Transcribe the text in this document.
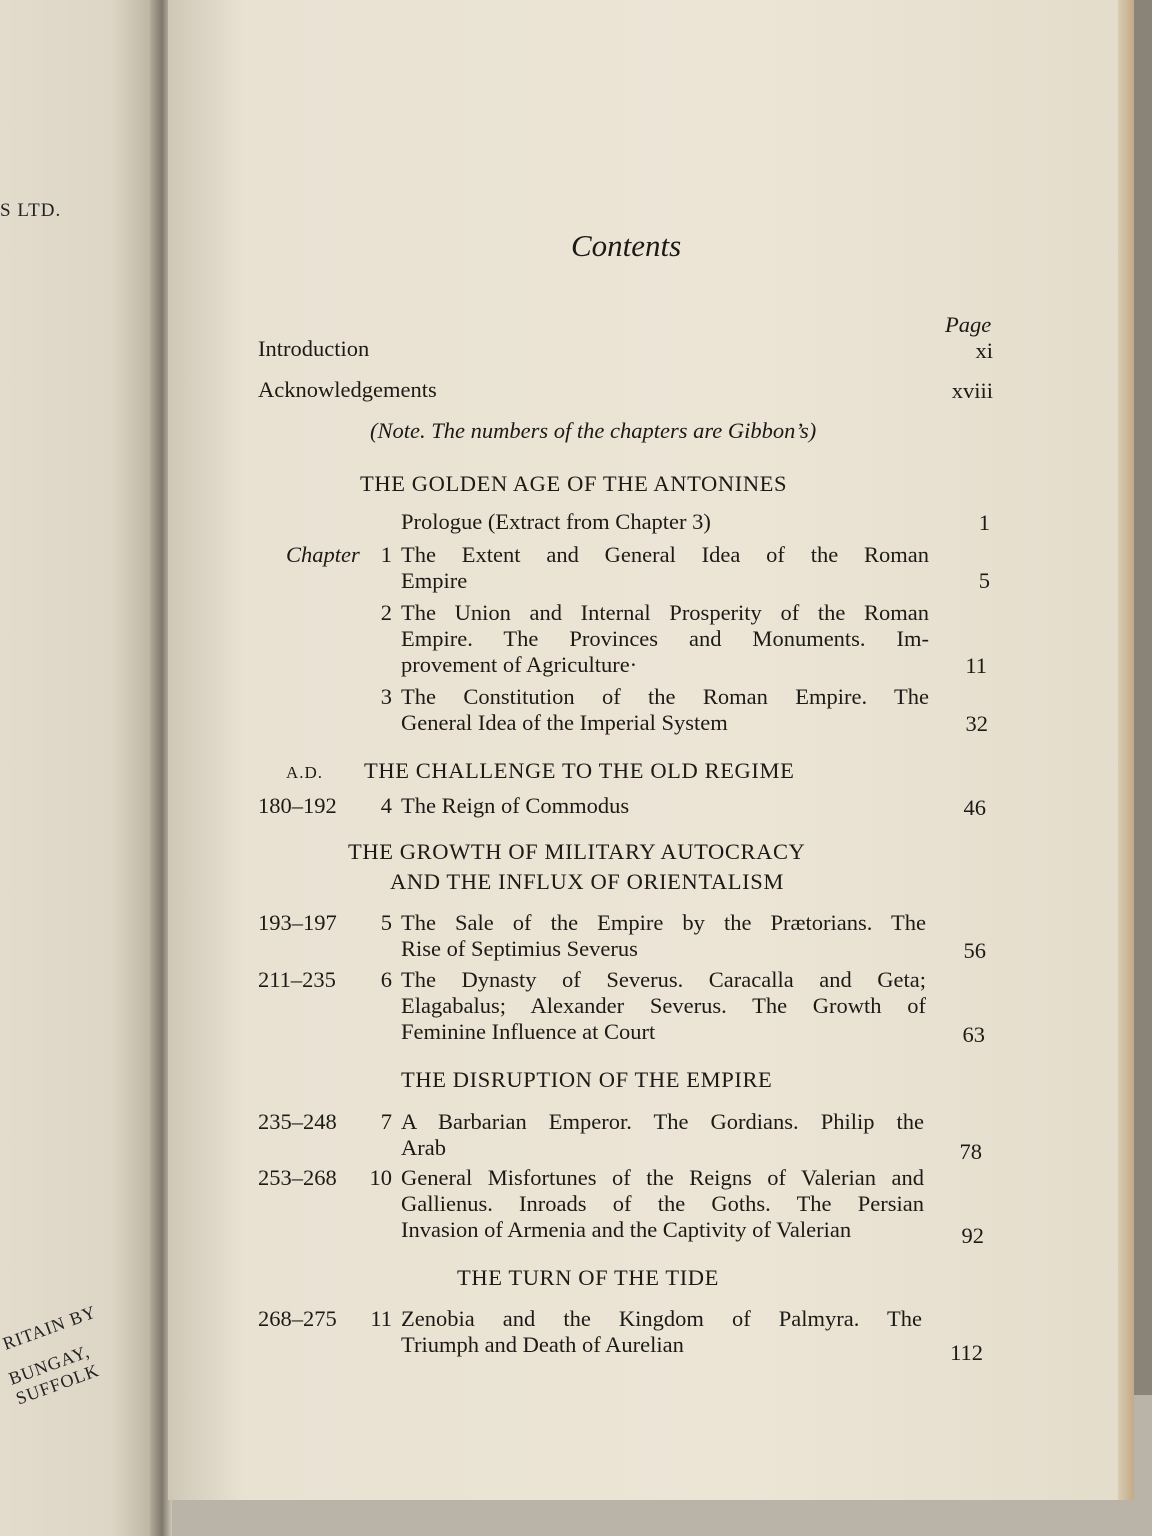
S LTD.
RITAIN BY
BUNGAY, SUFFOLK
Contents
Page
Introduction	xi
Acknowledgements	xviii
(Note. The numbers of the chapters are Gibbon’s)
THE GOLDEN AGE OF THE ANTONINES
A.D. THE CHALLENGE TO THE OLD REGIME
THE GROWTH OF MILITARY AUTOCRACY
AND THE INFLUX OF ORIENTALISM
THE DISRUPTION OF THE EMPIRE
THE TURN OF THE TIDE
Prologue (Extract from Chapter 3)	1
Chapter 1 The Extent and General Idea of the Roman
Empire	5
2 The Union and Internal Prosperity of the Roman
Empire. The Provinces and Monuments. Im-
provement of Agriculture·	11
3 The Constitution of the Roman Empire. The
General Idea of the Imperial System	32
180–192	4 The Reign of Commodus	46
193–197	5 The Sale of the Empire by the Prætorians. The
Rise of Septimius Severus	56
211–235	6 The Dynasty of Severus. Caracalla and Geta;
Elagabalus; Alexander Severus. The Growth of
Feminine Influence at Court	63
235–248	7 A Barbarian Emperor. The Gordians. Philip the
Arab	78
253–268	10 General Misfortunes of the Reigns of Valerian and
Gallienus. Inroads of the Goths. The Persian
Invasion of Armenia and the Captivity of Valerian	92
268–275	11 Zenobia and the Kingdom of Palmyra. The
Triumph and Death of Aurelian	112
